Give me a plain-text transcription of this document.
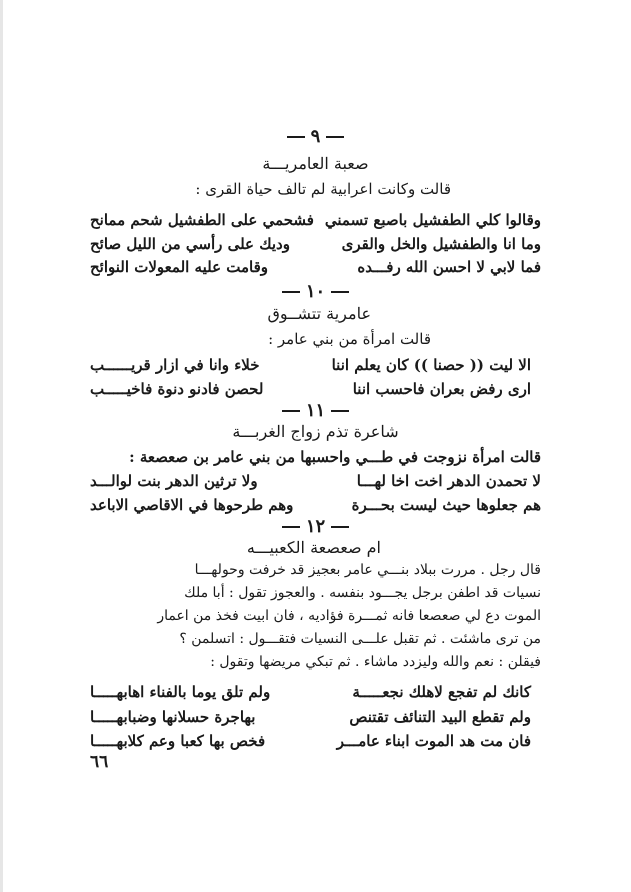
٩
صعبة العامريـــة
قالت وكانت اعرابية لم تالف حياة القرى :
وقالوا كلي الطفشيل باصبع تسمني
فشحمي على الطفشيل شحم ممانح
وما انا والطفشيل والخل والقرى
وديك على رأسي من الليل صائح
فما لابي لا احسن الله رفـــده
وقامت عليه المعولات النوائح
١٠
عامرية تتشــوق
قالت امرأة من بني عامر :
الا ليت (( حصنا )) كان يعلم اننا
خلاء وانا في ازار قريــــــب
ارى رفض بعران فاحسب اننا
لحصن فادنو دنوة فاخيـــــب
١١
شاعرة تذم زواج الغربـــة
قالت امرأة نزوجت في طـــي واحسبها من بني عامر بن صعصعة :
لا تحمدن الدهر اخت اخا لهـــا
ولا ترثين الدهر بنت لوالـــد
هم جعلوها حيث ليست بحـــرة
وهم طرحوها في الاقاصي الاباعد
١٢
ام صعصعة الكعبيـــه
قال رجل . مررت ببلاد بنـــي عامر بعجيز قد خرفت وحولهـــا
نسيات قد اطفن برجل يجـــود بنفسه . والعجوز تقول : أبا ملك
الموت دع لي صعصعا فانه ثمـــرة فؤاديه ، فان ابيت فخذ من اعمار
من ترى ماشئت . ثم تقبل علـــى النسيات فتقـــول : اتسلمن ؟
فيقلن : نعم والله وليزدد ماشاء . ثم تبكي مريضها وتقول :
كانك لم تفجع لاهلك نجعـــــة
ولم تلق يوما بالفناء اهابهـــــا
ولم تقطع البيد التنائف تقتنص
بهاجرة حسلانها وضبابهـــــا
فان مت هد الموت ابناء عامـــر
فخص بها كعبا وعم كلابهـــــا
٦٦
